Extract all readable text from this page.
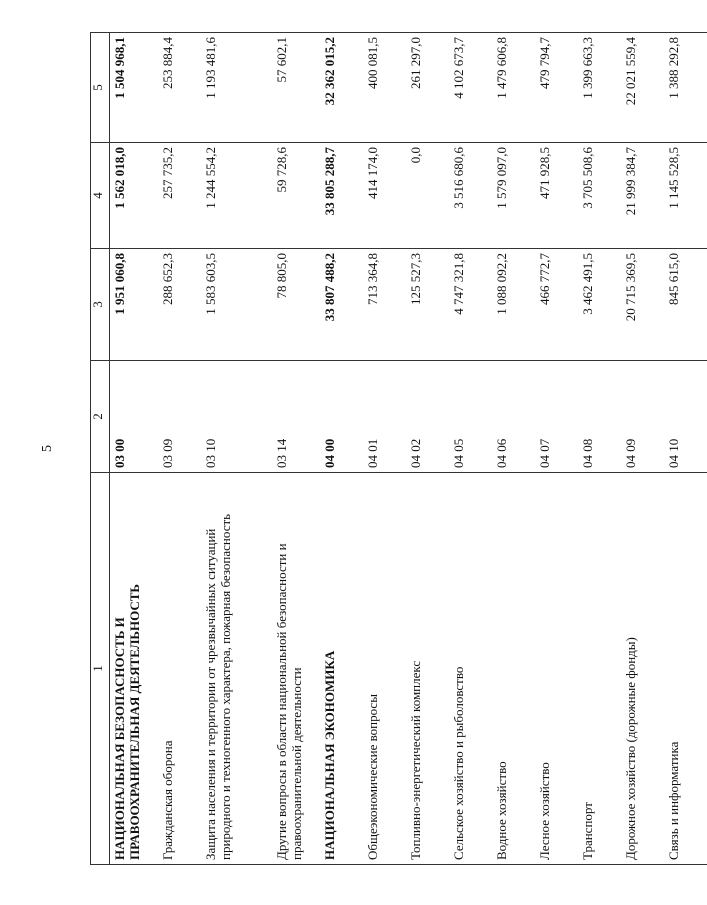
5
1	2	3	4	5
НАЦИОНАЛЬНАЯ БЕЗОПАСНОСТЬ И ПРАВООХРАНИТЕЛЬНАЯ ДЕЯТЕЛЬНОСТЬ	03 00	1 951 060,8	1 562 018,0	1 504 968,1
Гражданская оборона	03 09	288 652,3	257 735,2	253 884,4
Защита населения и территории от чрезвычайных ситуаций природного и техногенного характера, пожарная безопасность	03 10	1 583 603,5	1 244 554,2	1 193 481,6
Другие вопросы в области национальной безопасности и правоохранительной деятельности	03 14	78 805,0	59 728,6	57 602,1
НАЦИОНАЛЬНАЯ ЭКОНОМИКА	04 00	33 807 488,2	33 805 288,7	32 362 015,2
Общеэкономические вопросы	04 01	713 364,8	414 174,0	400 081,5
Топливно-энергетический комплекс	04 02	125 527,3	0,0	261 297,0
Сельское хозяйство и рыболовство	04 05	4 747 321,8	3 516 680,6	4 102 673,7
Водное хозяйство	04 06	1 088 092,2	1 579 097,0	1 479 606,8
Лесное хозяйство	04 07	466 772,7	471 928,5	479 794,7
Транспорт	04 08	3 462 491,5	3 705 508,6	1 399 663,3
Дорожное хозяйство (дорожные фонды)	04 09	20 715 369,5	21 999 384,7	22 021 559,4
Связь и информатика	04 10	845 615,0	1 145 528,5	1 388 292,8
